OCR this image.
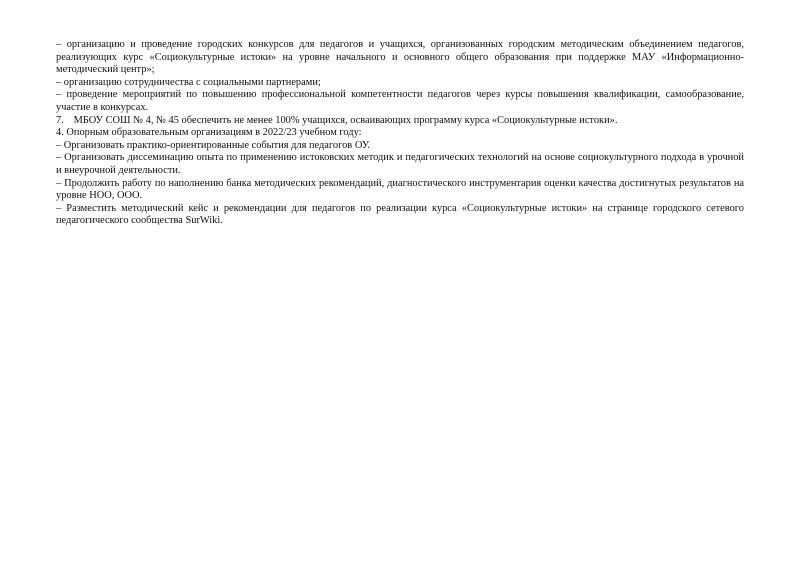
– организацию и проведение городских конкурсов для педагогов и учащихся, организованных городским методическим объединением педагогов, реализующих курс «Социокультурные истоки» на уровне начального и основного общего образования при поддержке МАУ «Информационно-методический центр»;

– организацию сотрудничества с социальными партнерами;

– проведение мероприятий по повышению профессиональной компетентности педагогов через курсы повышения квалификации, самообразование, участие в конкурсах.

7. МБОУ СОШ № 4, № 45 обеспечить не менее 100% учащихся, осваивающих программу курса «Социокультурные истоки».

4. Опорным образовательным организациям в 2022/23 учебном году:

– Организовать практико-ориентированные события для педагогов ОУ.

– Организовать диссеминацию опыта по применению истоковских методик и педагогических технологий на основе социокультурного подхода в урочной и внеурочной деятельности.

– Продолжить работу по наполнению банка методических рекомендаций, диагностического инструментария оценки качества достигнутых результатов на уровне НОО, ООО.

– Разместить методический кейс и рекомендации для педагогов по реализации курса «Социокультурные истоки» на странице городского сетевого педагогического сообщества SurWiki.
